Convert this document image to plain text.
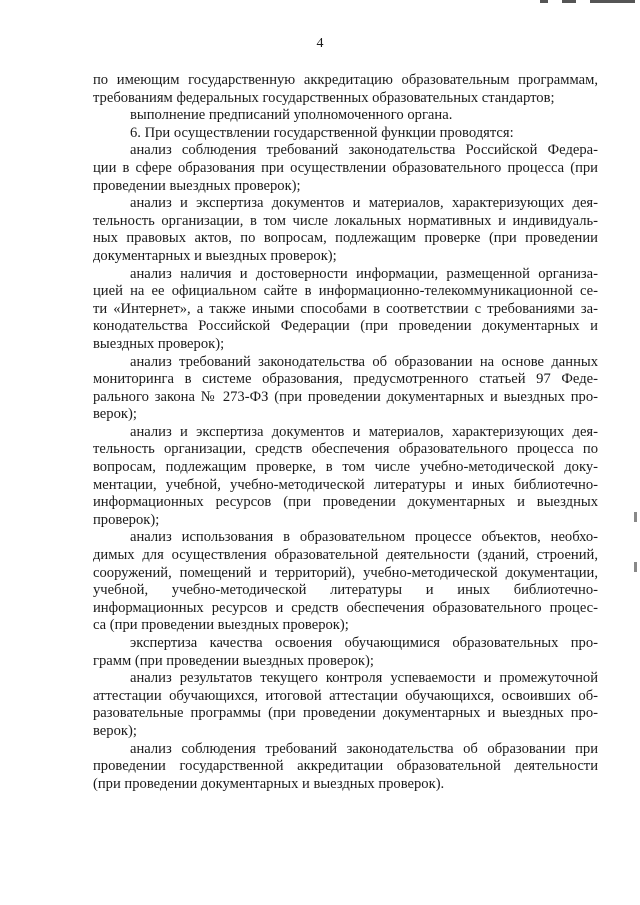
4
по имеющим государственную аккредитацию образовательным программам,
требованиям федеральных государственных образовательных стандартов;
выполнение предписаний уполномоченного органа.
6. При осуществлении государственной функции проводятся:
анализ соблюдения требований законодательства Российской Федера-
ции в сфере образования при осуществлении образовательного процесса (при
проведении выездных проверок);
анализ и экспертиза документов и материалов, характеризующих дея-
тельность организации, в том числе локальных нормативных и индивидуаль-
ных правовых актов, по вопросам, подлежащим проверке (при проведении
документарных и выездных проверок);
анализ наличия и достоверности информации, размещенной организа-
цией на ее официальном сайте в информационно-телекоммуникационной се-
ти «Интернет», а также иными способами в соответствии с требованиями за-
конодательства Российской Федерации (при проведении документарных и
выездных проверок);
анализ требований законодательства об образовании на основе данных
мониторинга в системе образования, предусмотренного статьей 97 Феде-
рального закона № 273-ФЗ (при проведении документарных и выездных про-
верок);
анализ и экспертиза документов и материалов, характеризующих дея-
тельность организации, средств обеспечения образовательного процесса по
вопросам, подлежащим проверке, в том числе учебно-методической доку-
ментации, учебной, учебно-методической литературы и иных библиотечно-
информационных ресурсов (при проведении документарных и выездных
проверок);
анализ использования в образовательном процессе объектов, необхо-
димых для осуществления образовательной деятельности (зданий, строений,
сооружений, помещений и территорий), учебно-методической документации,
учебной, учебно-методической литературы и иных библиотечно-
информационных ресурсов и средств обеспечения образовательного процес-
са (при проведении выездных проверок);
экспертиза качества освоения обучающимися образовательных про-
грамм (при проведении выездных проверок);
анализ результатов текущего контроля успеваемости и промежуточной
аттестации обучающихся, итоговой аттестации обучающихся, освоивших об-
разовательные программы (при проведении документарных и выездных про-
верок);
анализ соблюдения требований законодательства об образовании при
проведении государственной аккредитации образовательной деятельности
(при проведении документарных и выездных проверок).
